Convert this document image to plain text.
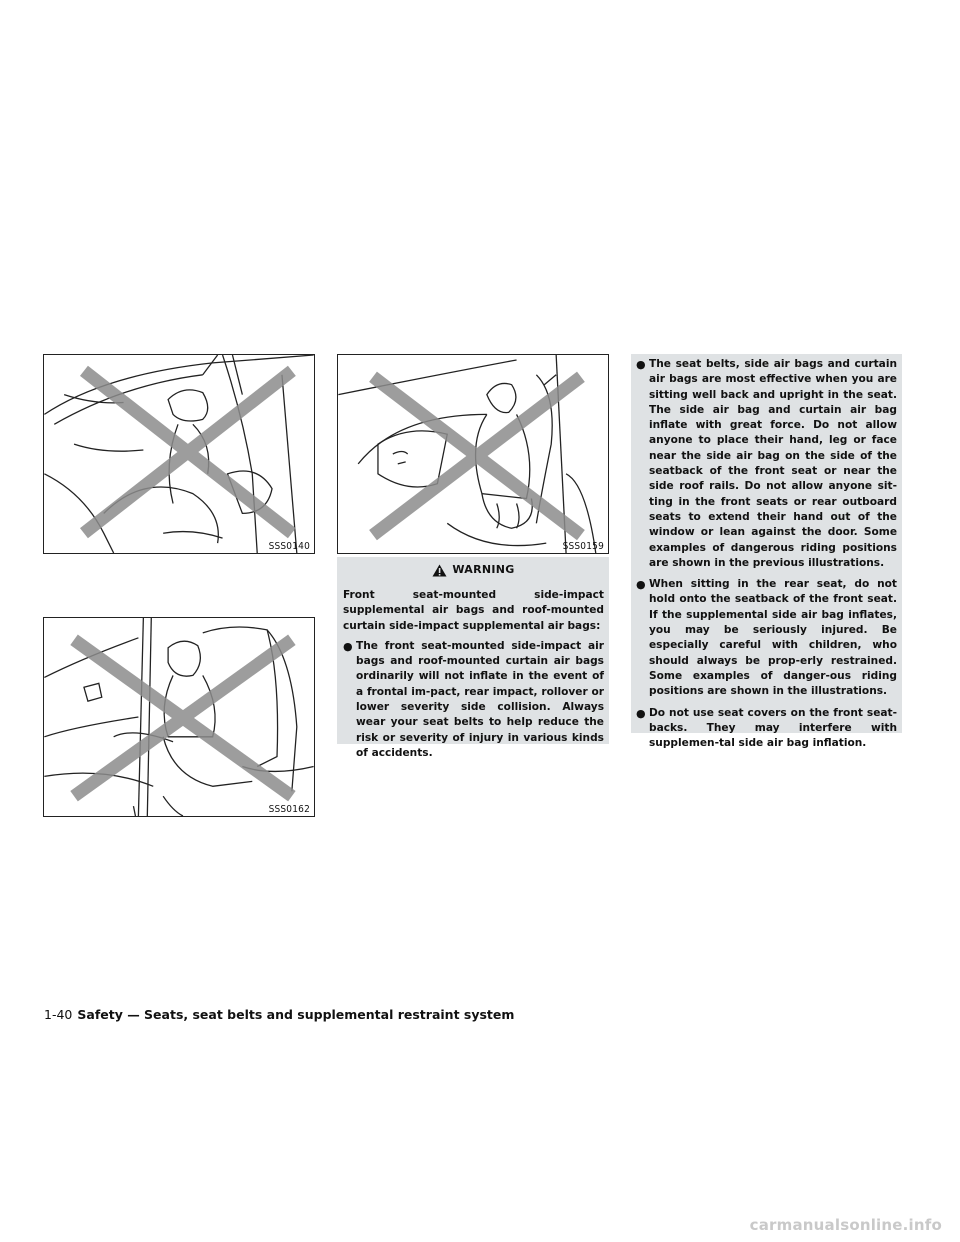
SSS0140	SSS0159
SSS0162
WARNING

Front seat-mounted side-impact supplemental air bags and roof-mounted curtain side-impact supplemental air bags:

● The front seat-mounted side-impact air bags and roof-mounted curtain air bags ordinarily will not inflate in the event of a frontal im-pact, rear impact, rollover or lower severity side collision. Always wear your seat belts to help reduce the risk or severity of injury in various kinds of accidents.

● The seat belts, side air bags and curtain air bags are most effective when you are sitting well back and upright in the seat. The side air bag and curtain air bag inflate with great force. Do not allow anyone to place their hand, leg or face near the side air bag on the side of the seatback of the front seat or near the side roof rails. Do not allow anyone sit-ting in the front seats or rear outboard seats to extend their hand out of the window or lean against the door. Some examples of dangerous riding positions are shown in the previous illustrations.

● When sitting in the rear seat, do not hold onto the seatback of the front seat. If the supplemental side air bag inflates, you may be seriously injured. Be especially careful with children, who should always be prop-erly restrained. Some examples of danger-ous riding positions are shown in the illustrations.

● Do not use seat covers on the front seat-backs. They may interfere with supplemen-tal side air bag inflation.

1-40 Safety — Seats, seat belts and supplemental restraint system
carmanualsonline.info
